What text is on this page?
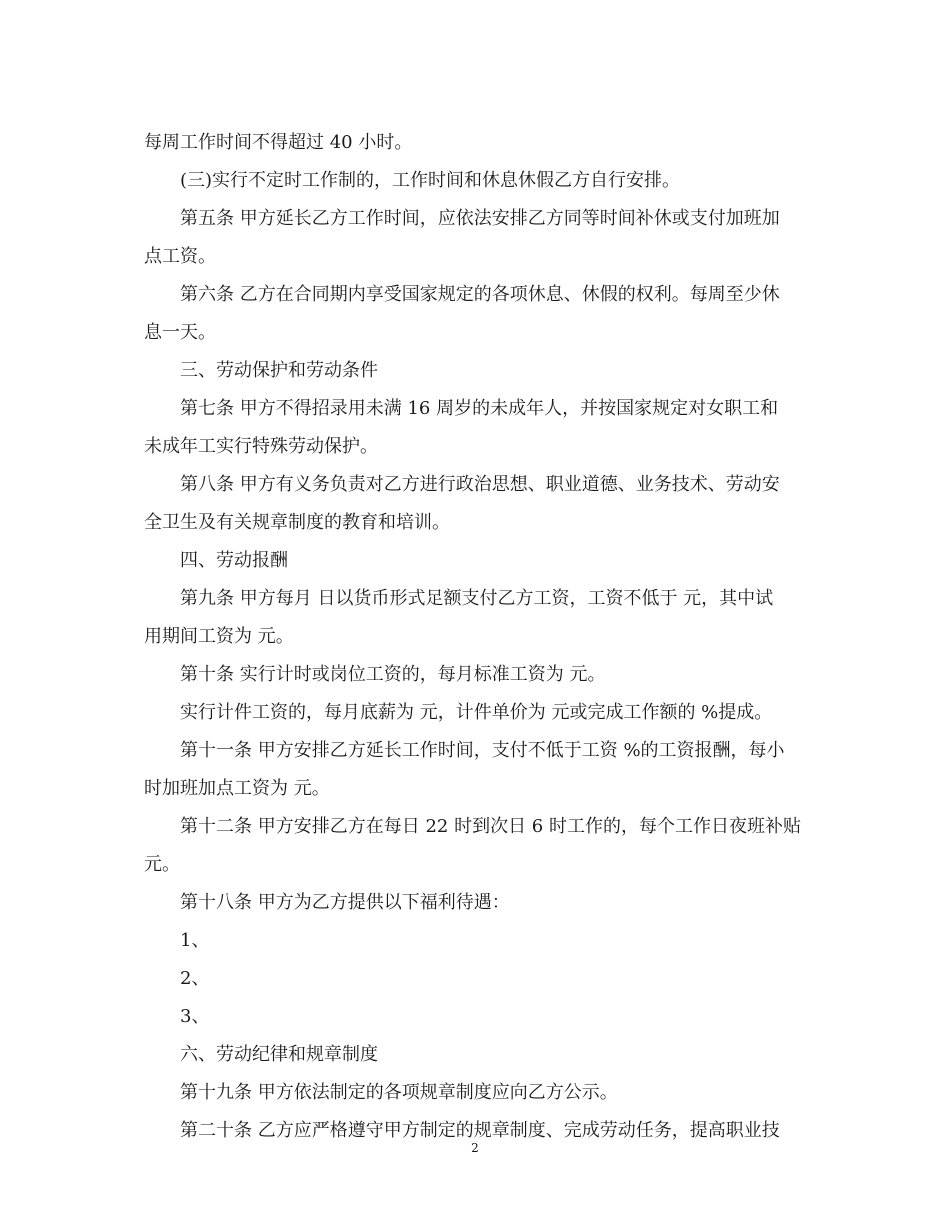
每周工作时间不得超过 40 小时。
(三)实行不定时工作制的，工作时间和休息休假乙方自行安排。
第五条 甲方延长乙方工作时间，应依法安排乙方同等时间补休或支付加班加
点工资。
第六条 乙方在合同期内享受国家规定的各项休息、休假的权利。每周至少休
息一天。
三、劳动保护和劳动条件
第七条 甲方不得招录用未满 16 周岁的未成年人，并按国家规定对女职工和
未成年工实行特殊劳动保护。
第八条 甲方有义务负责对乙方进行政治思想、职业道德、业务技术、劳动安
全卫生及有关规章制度的教育和培训。
四、劳动报酬
第九条 甲方每月 日以货币形式足额支付乙方工资，工资不低于 元，其中试
用期间工资为 元。
第十条 实行计时或岗位工资的，每月标准工资为 元。
实行计件工资的，每月底薪为 元，计件单价为 元或完成工作额的 %提成。
第十一条 甲方安排乙方延长工作时间，支付不低于工资 %的工资报酬，每小
时加班加点工资为 元。
第十二条 甲方安排乙方在每日 22 时到次日 6 时工作的，每个工作日夜班补贴
元。
第十八条 甲方为乙方提供以下福利待遇：
1、
2、
3、
六、劳动纪律和规章制度
第十九条 甲方依法制定的各项规章制度应向乙方公示。
第二十条 乙方应严格遵守甲方制定的规章制度、完成劳动任务，提高职业技
2
